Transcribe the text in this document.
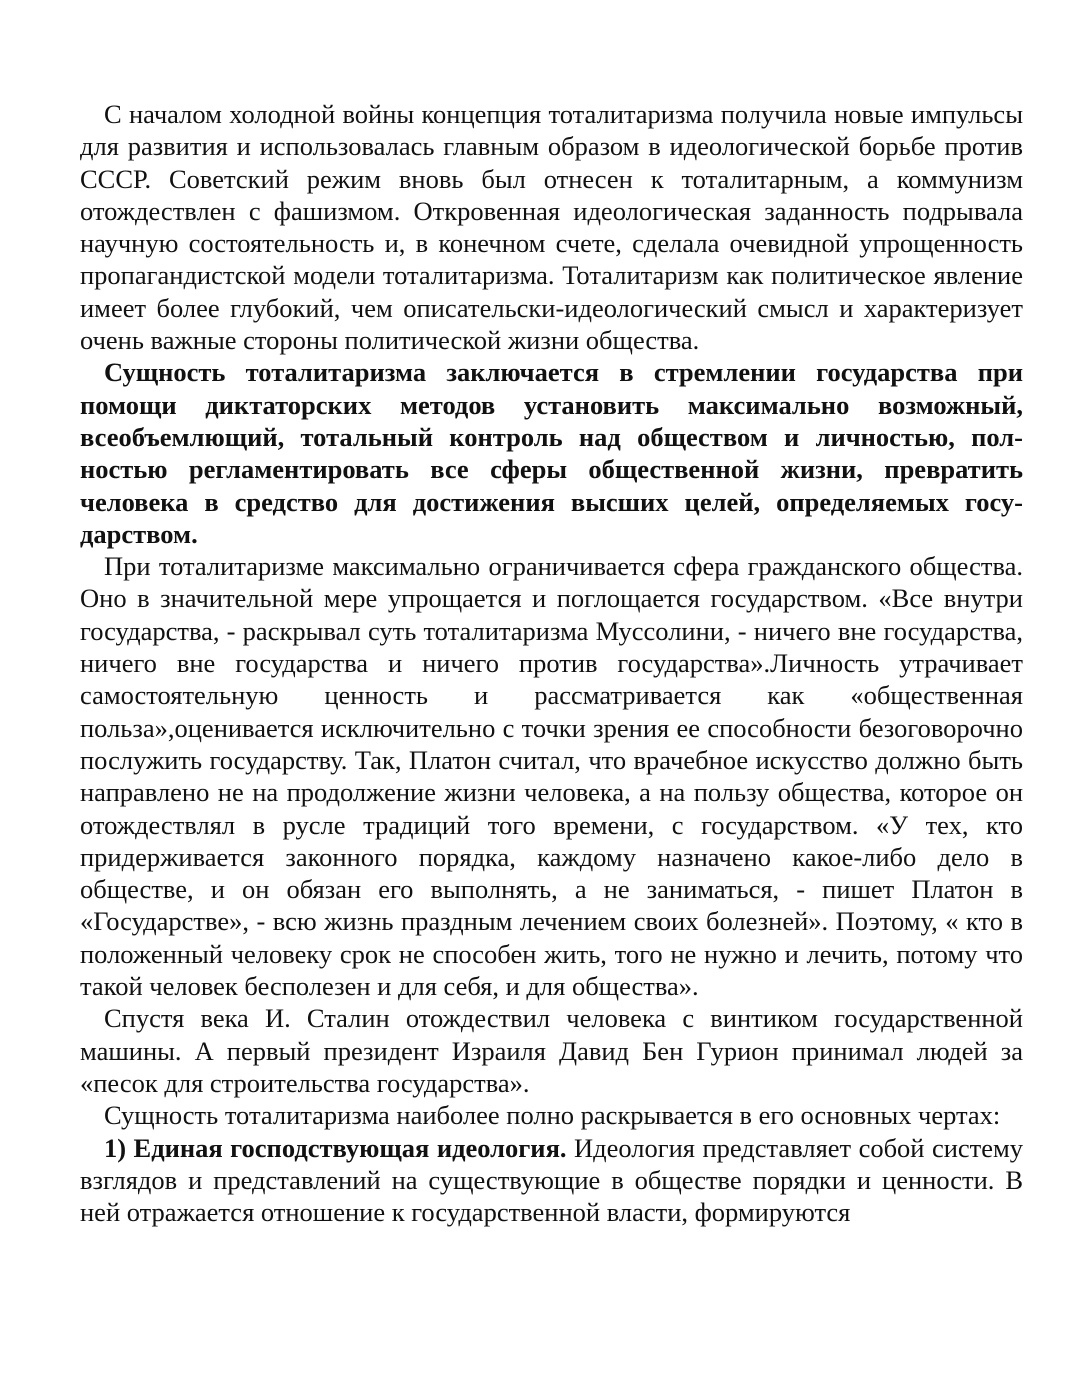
С началом холодной войны концепция тоталитаризма получила новые импульсы для развития и использовалась главным образом в идеологической борьбе против СССР. Советский режим вновь был отнесен к тоталитарным, а коммунизм отождествлен с фашизмом. Откровенная идеологическая заданность подрывала научную состоятельность и, в конечном счете, сделала очевидной упрощенность пропагандистской модели тоталитаризма. Тоталитаризм как политическое явление имеет более глубокий, чем описательски-идеологический смысл и характеризует очень важные стороны политической жизни общества.

Сущность тоталитаризма заключается в стремлении государства при помощи диктаторских методов установить максимально возможный, всеобъемлющий, тотальный контроль над обществом и личностью, полностью регламентировать все сферы общественной жизни, превратить человека в средство для достижения высших целей, определяемых государством.

При тоталитаризме максимально ограничивается сфера гражданского общества. Оно в значительной мере упрощается и поглощается государством. «Все внутри государства, - раскрывал суть тоталитаризма Муссолини, - ничего вне государства, ничего вне государства и ничего против государства».Личность утрачивает самостоятельную ценность и рассматривается как «общественная польза»,оценивается исключительно с точки зрения ее способности безоговорочно послужить государству. Так, Платон считал, что врачебное искусство должно быть направлено не на продолжение жизни человека, а на пользу общества, которое он отождествлял в русле традиций того времени, с государством. «У тех, кто придерживается законного порядка, каждому назначено какое-либо дело в обществе, и он обязан его выполнять, а не заниматься, - пишет Платон в «Государстве», - всю жизнь праздным лечением своих болезней». Поэтому, « кто в положенный человеку срок не способен жить, того не нужно и лечить, потому что такой человек бесполезен и для себя, и для общества».

Спустя века И. Сталин отождествил человека с винтиком государственной машины. А первый президент Израиля Давид Бен Гурион принимал людей за «песок для строительства государства».

Сущность тоталитаризма наиболее полно раскрывается в его основных чертах:

1) Единая господствующая идеология. Идеология представляет собой систему взглядов и представлений на существующие в обществе порядки и ценности. В ней отражается отношение к государственной власти, формируются
